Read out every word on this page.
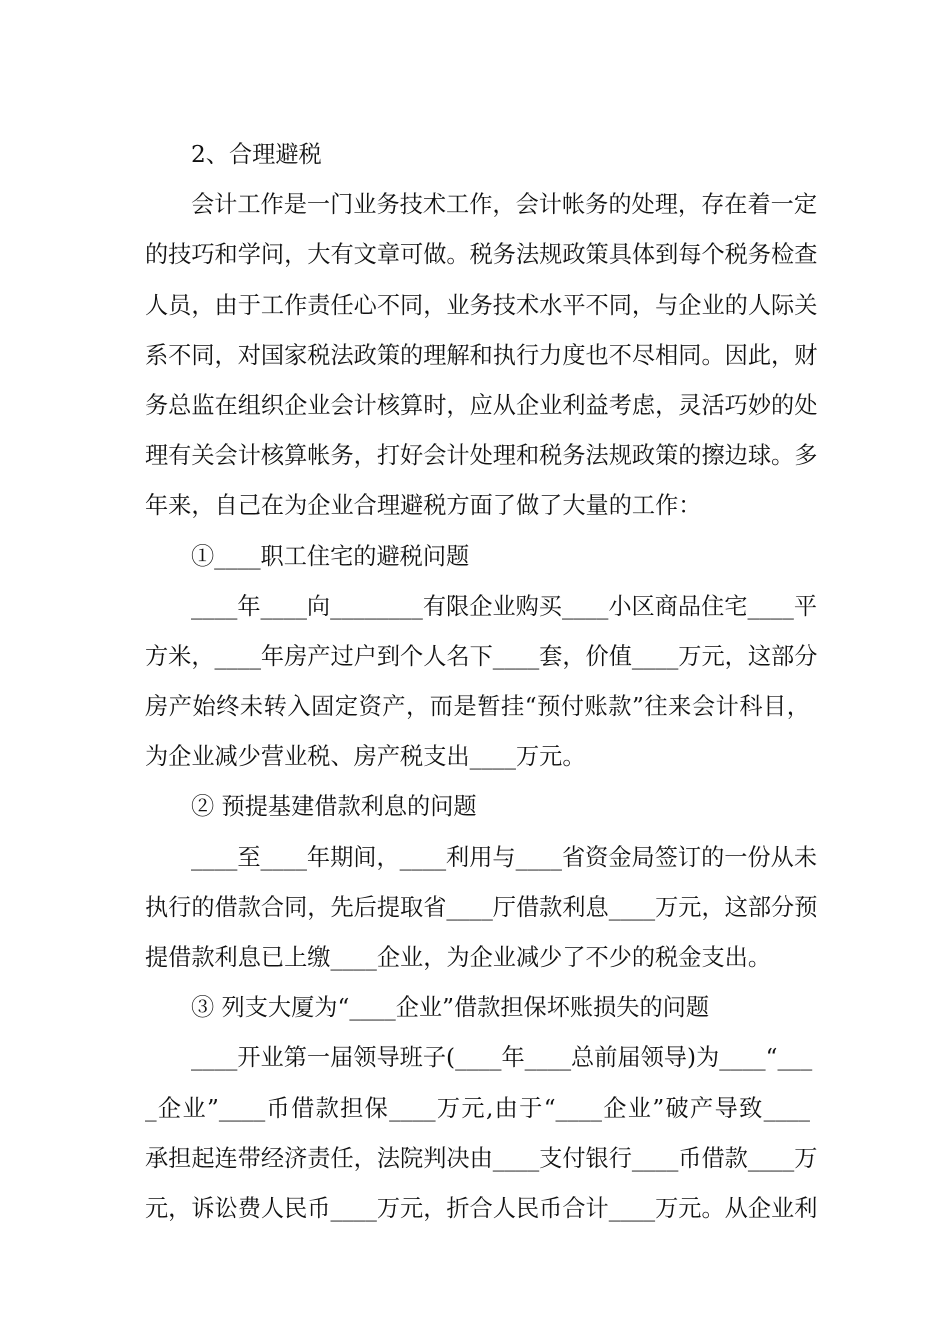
2、合理避税
会计工作是一门业务技术工作，会计帐务的处理，存在着一定
的技巧和学问，大有文章可做。税务法规政策具体到每个税务检查
人员，由于工作责任心不同，业务技术水平不同，与企业的人际关
系不同，对国家税法政策的理解和执行力度也不尽相同。因此，财
务总监在组织企业会计核算时，应从企业利益考虑，灵活巧妙的处
理有关会计核算帐务，打好会计处理和税务法规政策的擦边球。多
年来，自己在为企业合理避税方面了做了大量的工作：
①____职工住宅的避税问题
____年____向________有限企业购买____小区商品住宅____平
方米，____年房产过户到个人名下____套，价值____万元，这部分
房产始终未转入固定资产，而是暂挂“预付账款”往来会计科目，
为企业减少营业税、房产税支出____万元。
② 预提基建借款利息的问题
____至____年期间，____利用与____省资金局签订的一份从未
执行的借款合同，先后提取省____厅借款利息____万元，这部分预
提借款利息已上缴____企业，为企业减少了不少的税金支出。
③ 列支大厦为“____企业”借款担保坏账损失的问题
____开业第一届领导班子(____年____总前届领导)为____“___
_企业”____币借款担保____万元,由于“____企业”破产导致____
承担起连带经济责任，法院判决由____支付银行____币借款____万
元，诉讼费人民币____万元，折合人民币合计____万元。从企业利
